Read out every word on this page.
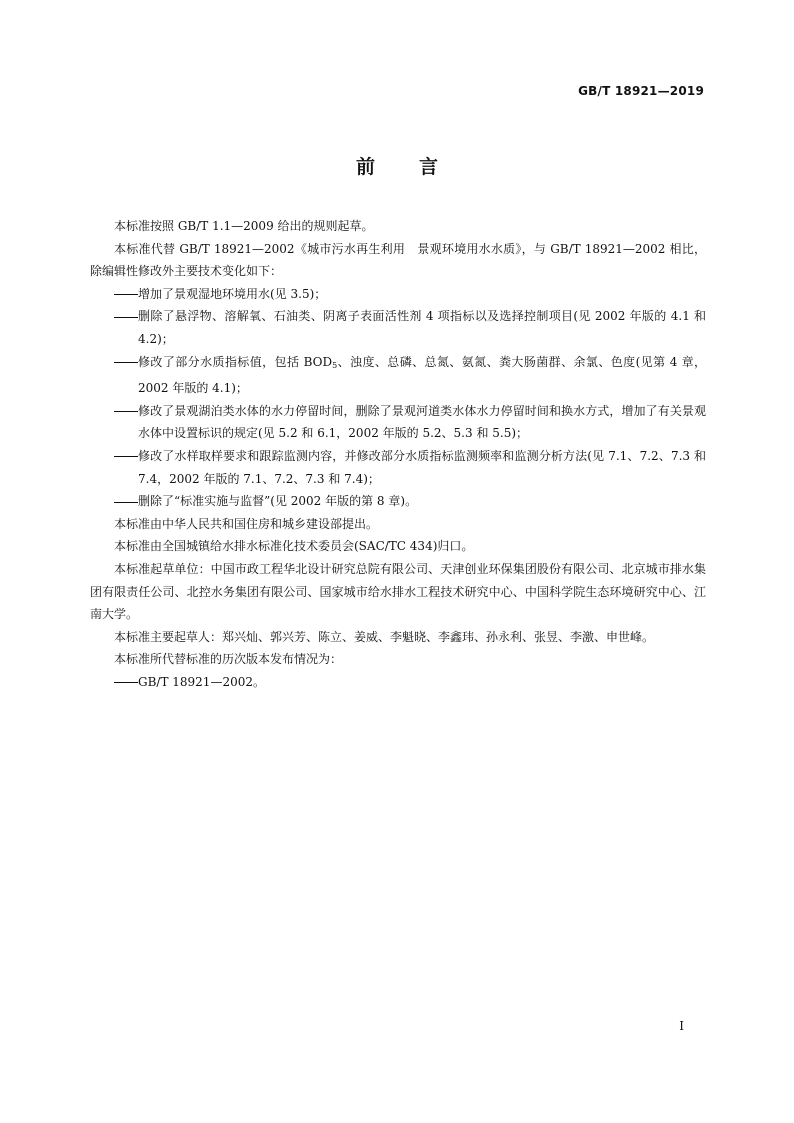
GB/T 18921—2019
前言

本标准按照 GB/T 1.1—2009 给出的规则起草。

本标准代替 GB/T 18921—2002《城市污水再生利用　景观环境用水水质》，与 GB/T 18921—2002 相比，除编辑性修改外主要技术变化如下：

增加了景观湿地环境用水(见 3.5)；

删除了悬浮物、溶解氧、石油类、阴离子表面活性剂 4 项指标以及选择控制项目(见 2002 年版的 4.1 和 4.2)；

修改了部分水质指标值，包括 $BOD_5$、浊度、总磷、总氮、氨氮、粪大肠菌群、余氯、色度(见第 4 章，2002 年版的 4.1)；

修改了景观湖泊类水体的水力停留时间，删除了景观河道类水体水力停留时间和换水方式，增加了有关景观水体中设置标识的规定(见 5.2 和 6.1，2002 年版的 5.2、5.3 和 5.5)；

修改了水样取样要求和跟踪监测内容，并修改部分水质指标监测频率和监测分析方法(见 7.1、7.2、7.3 和 7.4，2002 年版的 7.1、7.2、7.3 和 7.4)；

删除了“标准实施与监督”(见 2002 年版的第 8 章)。

本标准由中华人民共和国住房和城乡建设部提出。

本标准由全国城镇给水排水标准化技术委员会(SAC/TC 434)归口。

本标准起草单位：中国市政工程华北设计研究总院有限公司、天津创业环保集团股份有限公司、北京城市排水集团有限责任公司、北控水务集团有限公司、国家城市给水排水工程技术研究中心、中国科学院生态环境研究中心、江南大学。

本标准主要起草人：郑兴灿、郭兴芳、陈立、姜威、李魁晓、李鑫玮、孙永利、张昱、李激、申世峰。

本标准所代替标准的历次版本发布情况为：

GB/T 18921—2002。

I
